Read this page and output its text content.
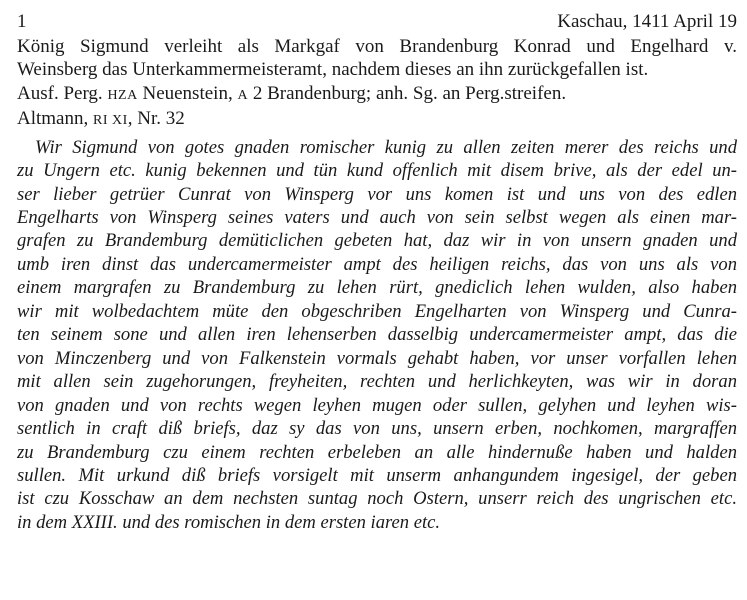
1	Kaschau, 1411 April 19
König Sigmund verleiht als Markgaf von Brandenburg Konrad und Engelhard v.
Weinsberg das Unterkammermeisteramt, nachdem dieses an ihn zurückgefallen ist.
Ausf. Perg. HZA Neuenstein, A 2 Brandenburg; anh. Sg. an Perg.streifen.
Altmann, RI XI, Nr. 32
Wir Sigmund von gotes gnaden romischer kunig zu allen zeiten merer des reichs und
zu Ungern etc. kunig bekennen und tün kund offenlich mit disem brive, als der edel un-
ser lieber getrüer Cunrat von Winsperg vor uns komen ist und uns von des edlen
Engelharts von Winsperg seines vaters und auch von sein selbst wegen als einen mar-
grafen zu Brandemburg demüticlichen gebeten hat, daz wir in von unsern gnaden und
umb iren dinst das undercamermeister ampt des heiligen reichs, das von uns als von
einem margrafen zu Brandemburg zu lehen rürt, gnediclich lehen wulden, also haben
wir mit wolbedachtem müte den obgeschriben Engelharten von Winsperg und Cunra-
ten seinem sone und allen iren lehenserben dasselbig undercamermeister ampt, das die
von Minczenberg und von Falkenstein vormals gehabt haben, vor unser vorfallen lehen
mit allen sein zugehorungen, freyheiten, rechten und herlichkeyten, was wir in doran
von gnaden und von rechts wegen leyhen mugen oder sullen, gelyhen und leyhen wis-
sentlich in craft diß briefs, daz sy das von uns, unsern erben, nochkomen, margraffen
zu Brandemburg czu einem rechten erbeleben an alle hindernuße haben und halden
sullen. Mit urkund diß briefs vorsigelt mit unserm anhangundem ingesigel, der geben
ist czu Kosschaw an dem nechsten suntag noch Ostern, unserr reich des ungrischen etc.
in dem XXIII. und des romischen in dem ersten iaren etc.
